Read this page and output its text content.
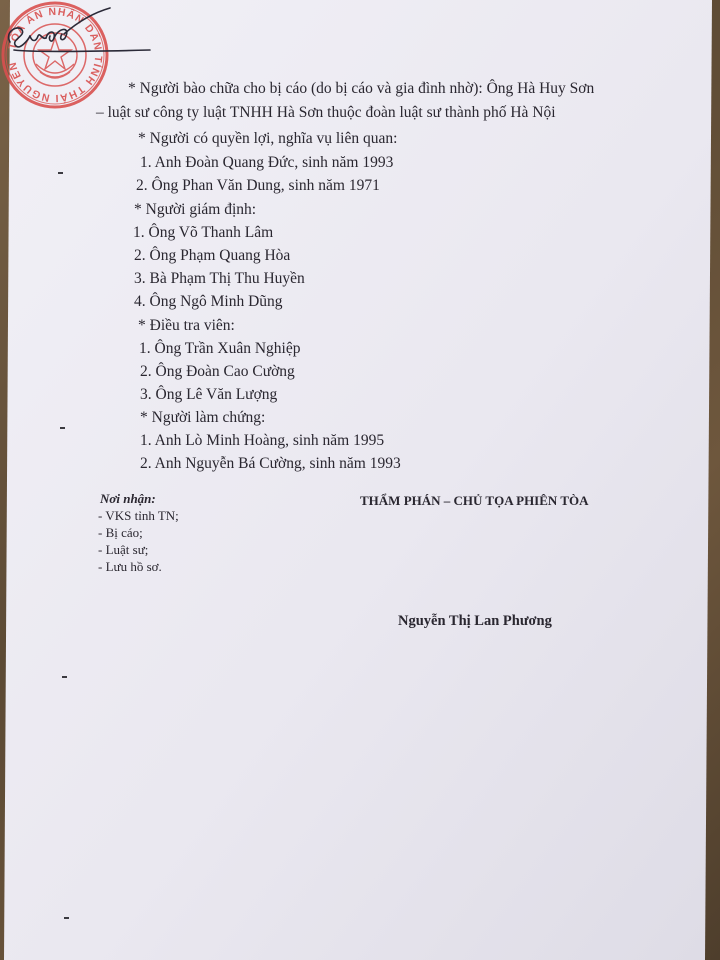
* Người bào chữa cho bị cáo (do bị cáo và gia đình nhờ): Ông Hà Huy Sơn
– luật sư công ty luật TNHH Hà Sơn thuộc đoàn luật sư thành phố Hà Nội
* Người có quyền lợi, nghĩa vụ liên quan:
1. Anh Đoàn Quang Đức, sinh năm 1993
2. Ông Phan Văn Dung, sinh năm 1971
* Người giám định:
1. Ông Võ Thanh Lâm
2. Ông Phạm Quang Hòa
3. Bà Phạm Thị Thu Huyền
4. Ông Ngô Minh Dũng
* Điều tra viên:
1. Ông Trần Xuân Nghiệp
2. Ông Đoàn Cao Cường
3. Ông Lê Văn Lượng
* Người làm chứng:
1. Anh Lò Minh Hoàng, sinh năm 1995
2. Anh Nguyễn Bá Cường, sinh năm 1993
Nơi nhận:
- VKS tỉnh TN;
- Bị cáo;
- Luật sư;
- Lưu hồ sơ.
THẨM PHÁN – CHỦ TỌA PHIÊN TÒA
TÒA ÁN NHÂN DÂN TỈNH THÁI NGUYÊN
Nguyễn Thị Lan Phương
